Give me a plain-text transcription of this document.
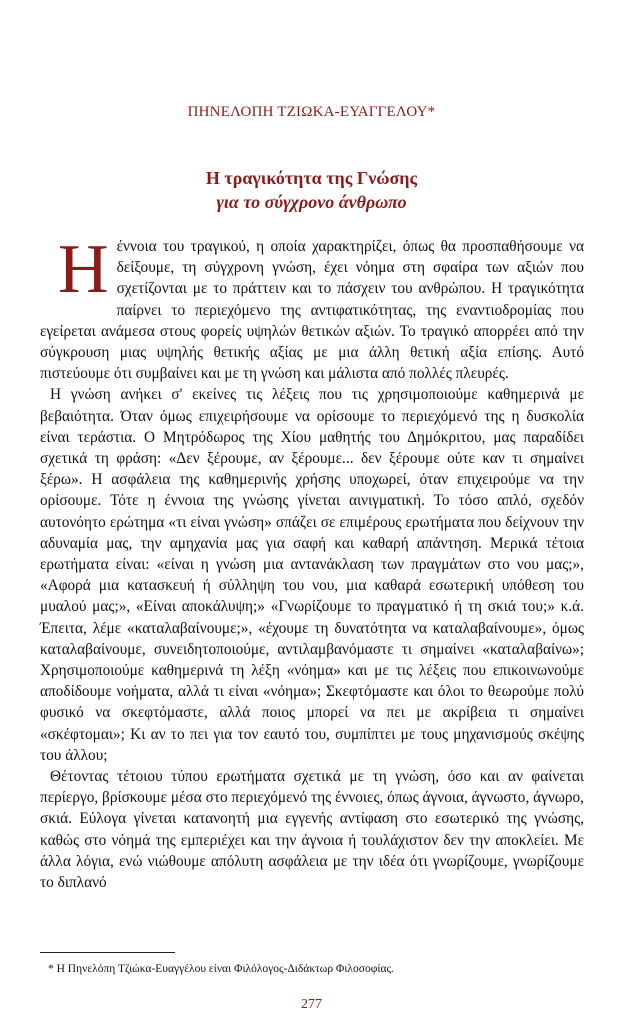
ΠΗΝΕΛΟΠΗ ΤΖΙΩΚΑ-ΕΥΑΓΓΕΛΟΥ*
Η τραγικότητα της Γνώσης
για το σύγχρονο άνθρωπο

Ηέννοια του τραγικού, η οποία χαρακτηρίζει, όπως θα προσπαθήσουμε να δείξουμε, τη σύγχρονη γνώση, έχει νόημα στη σφαίρα των αξιών που σχετίζονται με το πράττειν και το πάσχειν του ανθρώπου. Η τραγικότητα παίρνει το περιεχόμενο της αντιφατικότητας, της εναντιοδρομίας που εγείρεται ανάμεσα στους φορείς υψηλών θετικών αξιών. Το τραγικό απορρέει από την σύγκρουση μιας υψηλής θετικής αξίας με μια άλλη θετική αξία επίσης. Αυτό πιστεύουμε ότι συμβαίνει και με τη γνώση και μάλιστα από πολλές πλευρές.

Η γνώση ανήκει σ' εκείνες τις λέξεις που τις χρησιμοποιούμε καθημερινά με βεβαιότητα. Όταν όμως επιχειρήσουμε να ορίσουμε το περιεχόμενό της η δυσκολία είναι τεράστια. Ο Μητρόδωρος της Χίου μαθητής του Δημόκριτου, μας παραδίδει σχετικά τη φράση: «Δεν ξέρουμε, αν ξέρουμε... δεν ξέρουμε ούτε καν τι σημαίνει ξέρω». Η ασφάλεια της καθημερινής χρήσης υποχωρεί, όταν επιχειρούμε να την ορίσουμε. Τότε η έννοια της γνώσης γίνεται αινιγματική. Το τόσο απλό, σχεδόν αυτονόητο ερώτημα «τι είναι γνώση» σπάζει σε επιμέρους ερωτήματα που δείχνουν την αδυναμία μας, την αμηχανία μας για σαφή και καθαρή απάντηση. Μερικά τέτοια ερωτήματα είναι: «είναι η γνώση μια αντανάκλαση των πραγμάτων στο νου μας;», «Αφορά μια κατασκευή ή σύλληψη του νου, μια καθαρά εσωτερική υπόθεση του μυαλού μας;», «Είναι αποκάλυψη;» «Γνωρίζουμε το πραγματικό ή τη σκιά του;» κ.ά. Έπειτα, λέμε «καταλαβαίνουμε;», «έχουμε τη δυνατότητα να καταλαβαίνουμε», όμως καταλαβαίνουμε, συνειδητοποιούμε, αντιλαμβανόμαστε τι σημαίνει «καταλαβαίνω»; Χρησιμοποιούμε καθημερινά τη λέξη «νόημα» και με τις λέξεις που επικοινωνούμε αποδίδουμε νοήματα, αλλά τι είναι «νόημα»; Σκεφτόμαστε και όλοι το θεωρούμε πολύ φυσικό να σκεφτόμαστε, αλλά ποιος μπορεί να πει με ακρίβεια τι σημαίνει «σκέφτομαι»; Κι αν το πει για τον εαυτό του, συμπίπτει με τους μηχανισμούς σκέψης του άλλου;

Θέτοντας τέτοιου τύπου ερωτήματα σχετικά με τη γνώση, όσο και αν φαίνεται περίεργο, βρίσκουμε μέσα στο περιεχόμενό της έννοιες, όπως άγνοια, άγνωστο, άγνωρο, σκιά. Εύλογα γίνεται κατανοητή μια εγγενής αντίφαση στο εσωτερικό της γνώσης, καθώς στο νόημά της εμπεριέχει και την άγνοια ή τουλάχιστον δεν την αποκλείει. Με άλλα λόγια, ενώ νιώθουμε απόλυτη ασφάλεια με την ιδέα ότι γνωρίζουμε, γνωρίζουμε το διπλανό

* Η Πηνελόπη Τζιώκα-Ευαγγέλου είναι Φιλόλογος-Διδάκτωρ Φιλοσοφίας.
277
